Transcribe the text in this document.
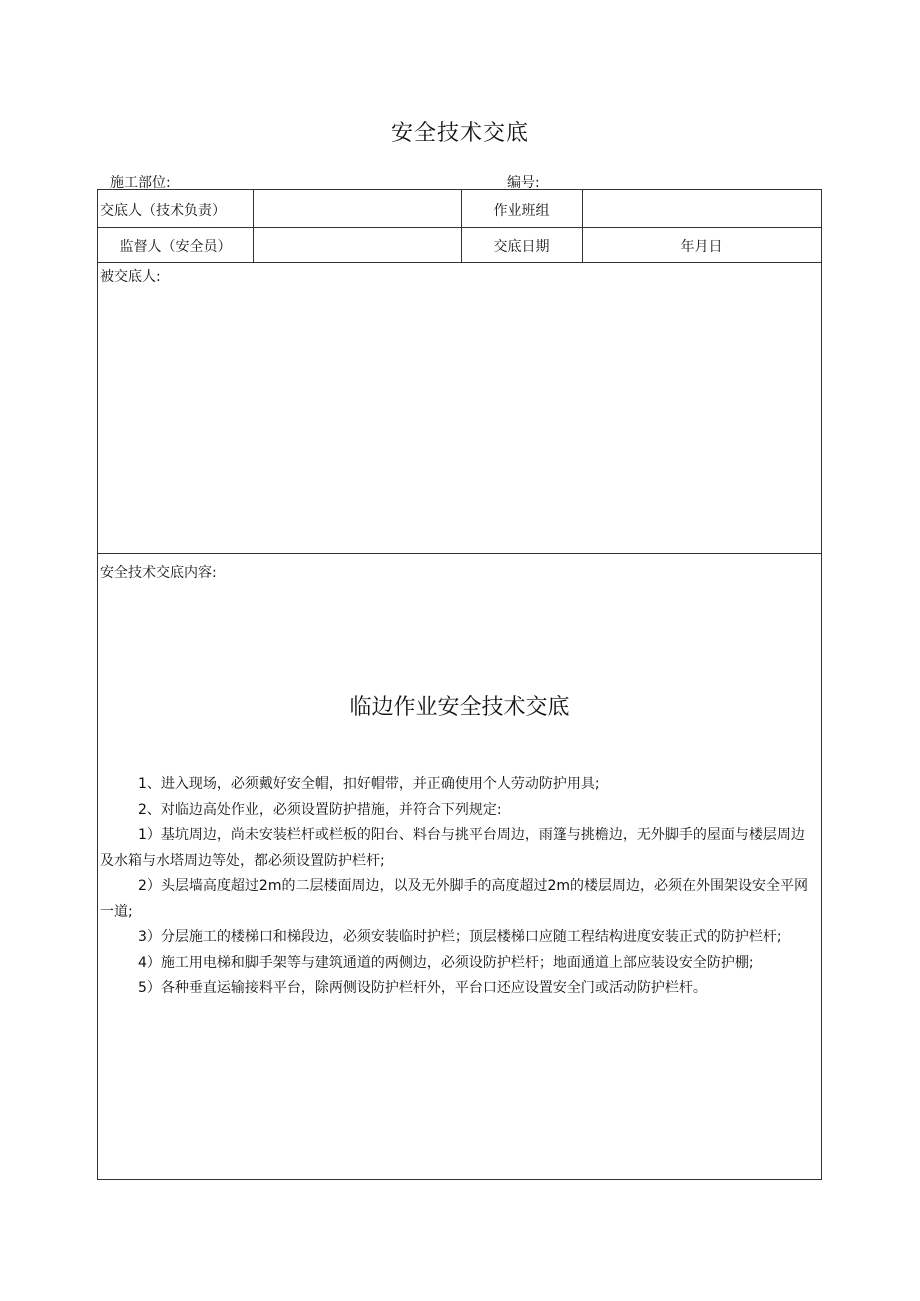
安全技术交底
施工部位:	编号:
交底人（技术负责）	作业班组
监督人（安全员）	交底日期	年月日
被交底人:
安全技术交底内容:
临边作业安全技术交底

1、进入现场，必须戴好安全帽，扣好帽带，并正确使用个人劳动防护用具;

2、对临边高处作业，必须设置防护措施，并符合下列规定:

1）基坑周边，尚未安装栏杆或栏板的阳台、料台与挑平台周边，雨篷与挑檐边，无外脚手的屋面与楼层周边及水箱与水塔周边等处，都必须设置防护栏杆;

2）头层墙高度超过2m的二层楼面周边，以及无外脚手的高度超过2m的楼层周边，必须在外围架设安全平网一道;

3）分层施工的楼梯口和梯段边，必须安装临时护栏；顶层楼梯口应随工程结构进度安装正式的防护栏杆;

4）施工用电梯和脚手架等与建筑通道的两侧边，必须设防护栏杆；地面通道上部应装设安全防护棚;

5）各种垂直运输接料平台，除两侧设防护栏杆外，平台口还应设置安全门或活动防护栏杆。
